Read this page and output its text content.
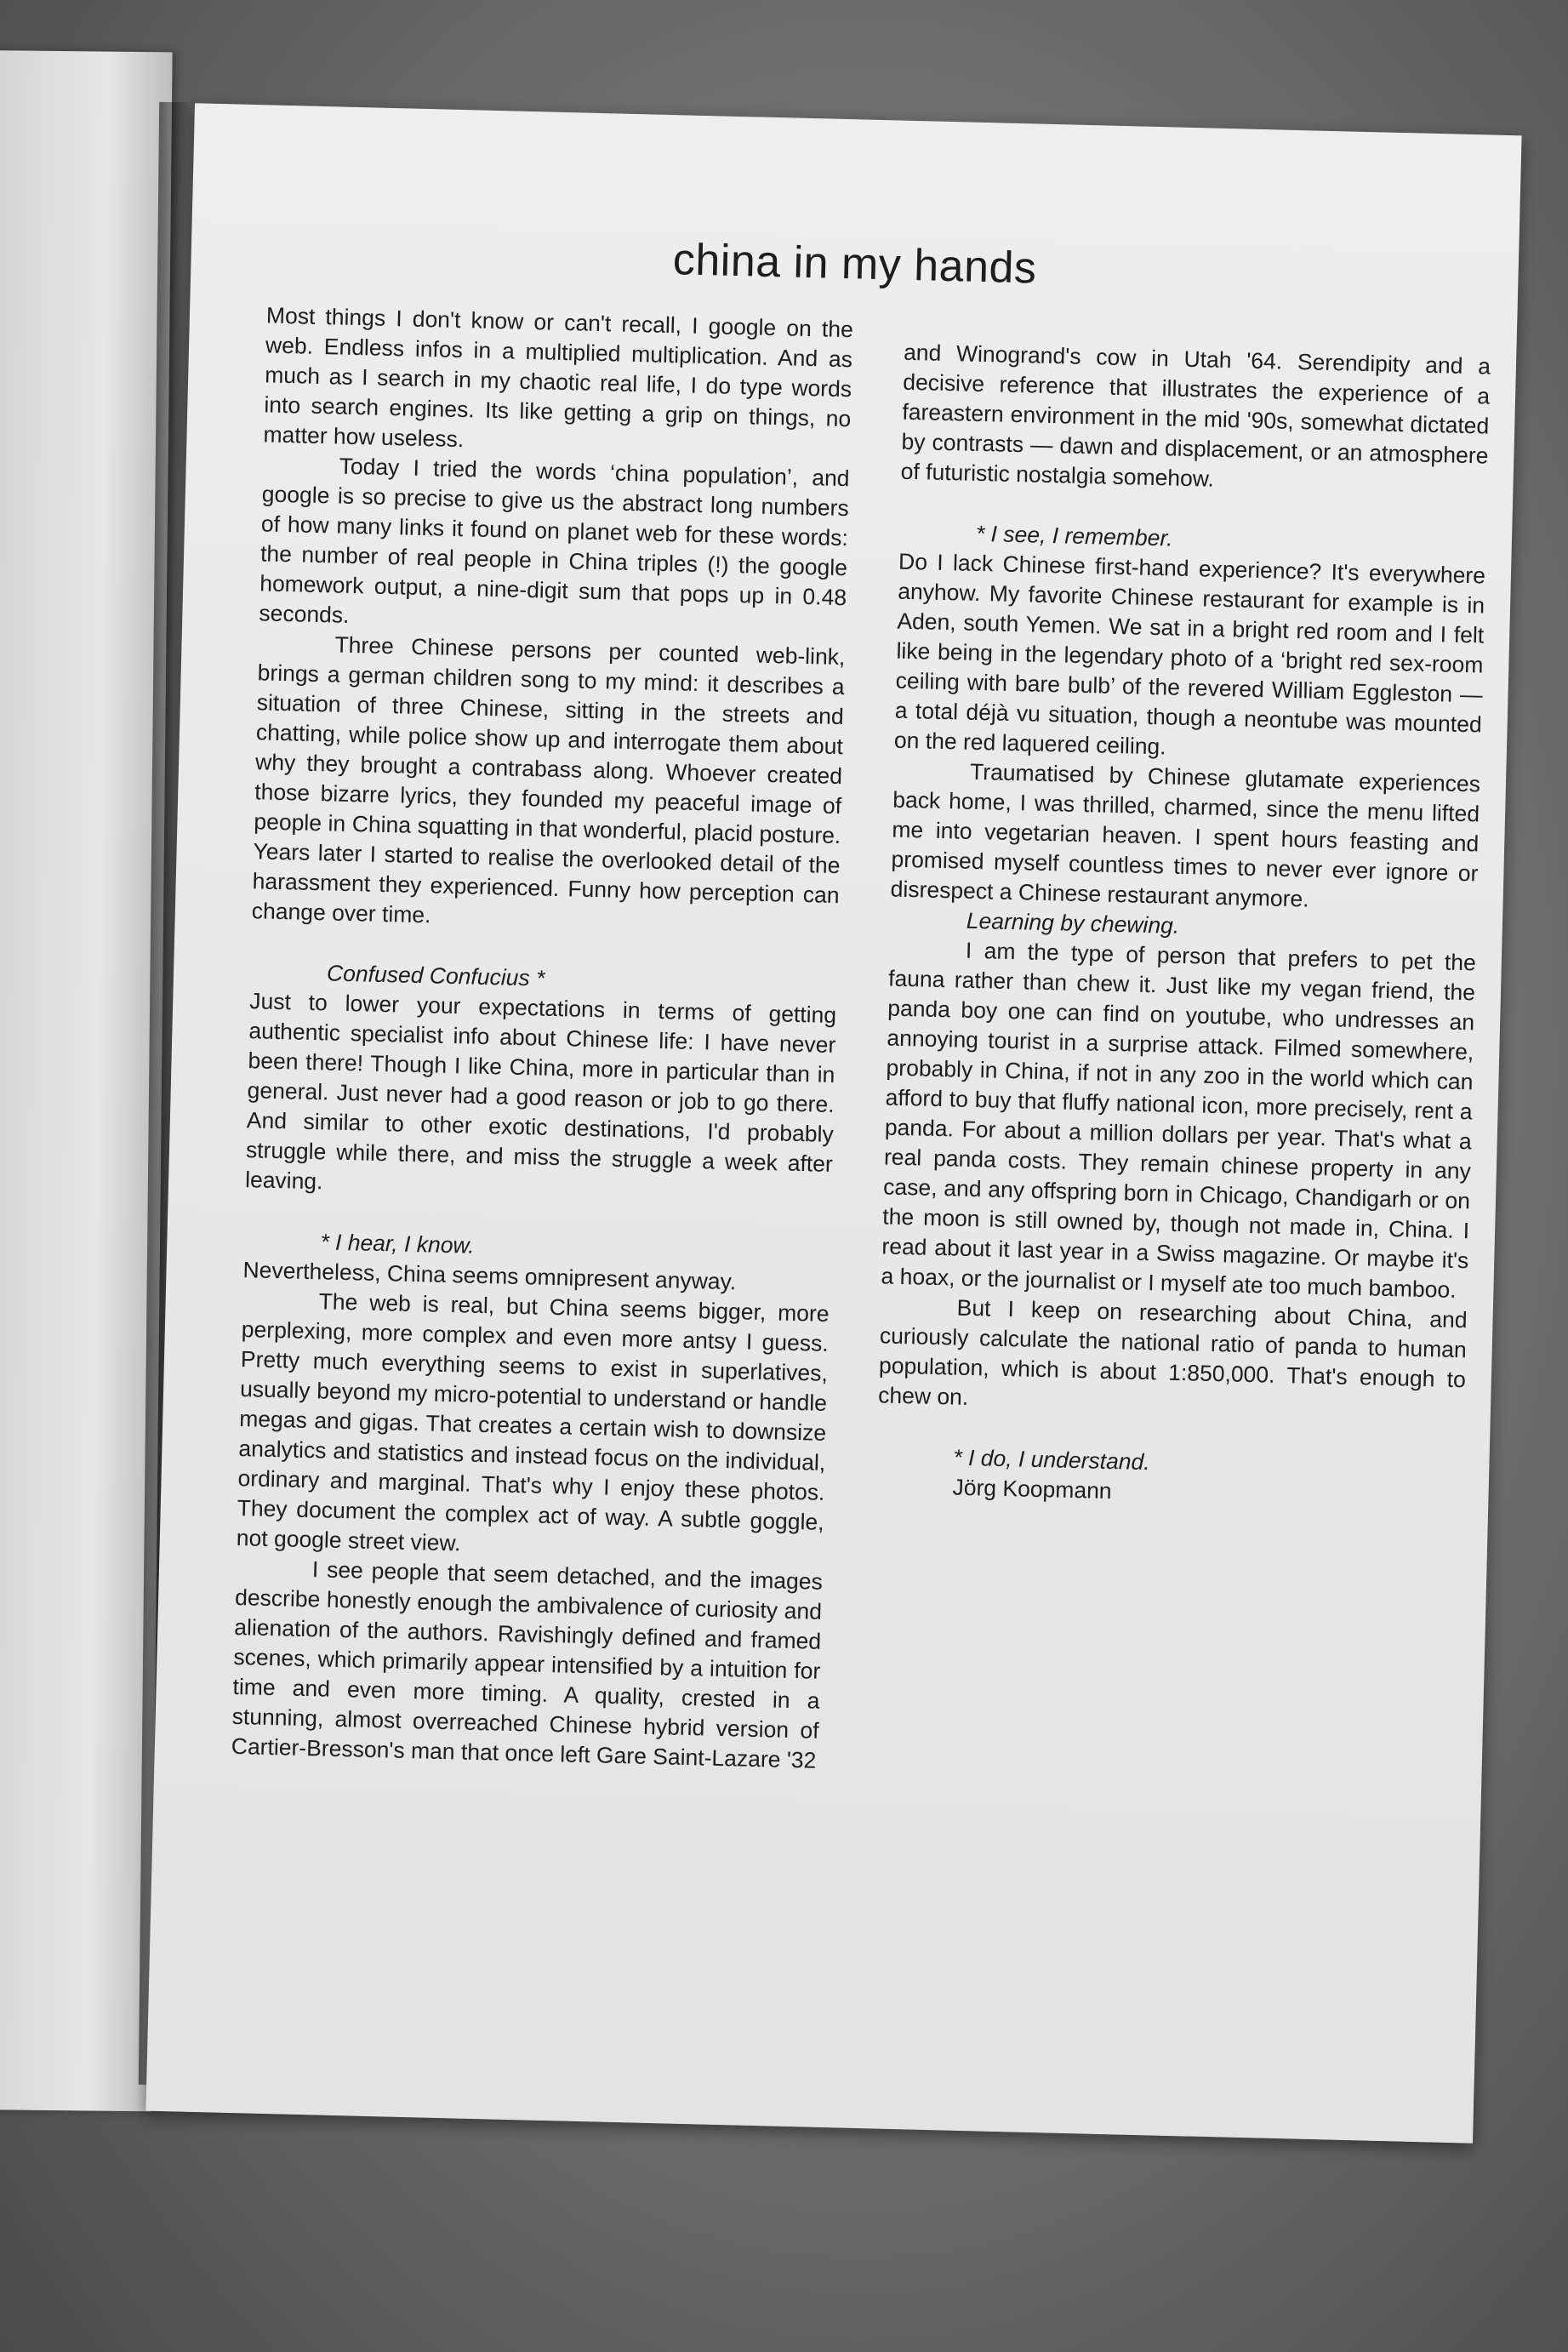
china in my hands

Most things I don't know or can't recall, I google on the web. Endless infos in a multiplied multiplication. And as much as I search in my chaotic real life, I do type words into search engines. Its like getting a grip on things, no matter how useless.

Today I tried the words ‘china population’, and google is so precise to give us the abstract long numbers of how many links it found on planet web for these words: the number of real people in China triples (!) the google homework output, a nine-digit sum that pops up in 0.48 seconds.

Three Chinese persons per counted web-link, brings a german children song to my mind: it describes a situation of three Chinese, sitting in the streets and chatting, while police show up and interrogate them about why they brought a contrabass along. Whoever created those bizarre lyrics, they founded my peaceful image of people in China squatting in that wonderful, placid posture. Years later I started to realise the overlooked detail of the harassment they experienced. Funny how perception can change over time.

Confused Confucius *

Just to lower your expectations in terms of getting authentic specialist info about Chinese life: I have never been there! Though I like China, more in particular than in general. Just never had a good reason or job to go there. And similar to other exotic destinations, I'd probably struggle while there, and miss the struggle a week after leaving.

* I hear, I know.

Nevertheless, China seems omnipresent anyway.

The web is real, but China seems bigger, more perplexing, more complex and even more antsy I guess. Pretty much everything seems to exist in superlatives, usually beyond my micro-potential to understand or handle megas and gigas. That creates a certain wish to downsize analytics and statistics and instead focus on the individual, ordinary and marginal. That's why I enjoy these photos. They document the complex act of way. A subtle goggle, not google street view.

I see people that seem detached, and the images describe honestly enough the ambivalence of curiosity and alienation of the authors. Ravishingly defined and framed scenes, which primarily appear intensified by a intuition for time and even more timing. A quality, crested in a stunning, almost overreached Chinese hybrid version of Cartier-Bresson's man that once left Gare Saint-Lazare '32

and Winogrand's cow in Utah '64. Serendipity and a decisive reference that illustrates the experience of a fareastern environment in the mid '90s, somewhat dictated by contrasts — dawn and displacement, or an atmosphere of futuristic nostalgia somehow.

* I see, I remember.

Do I lack Chinese first-hand experience? It's everywhere anyhow. My favorite Chinese restaurant for example is in Aden, south Yemen. We sat in a bright red room and I felt like being in the legendary photo of a ‘bright red sex-room ceiling with bare bulb’ of the revered William Eggleston — a total déjà vu situation, though a neontube was mounted on the red laquered ceiling.

Traumatised by Chinese glutamate experiences back home, I was thrilled, charmed, since the menu lifted me into vegetarian heaven. I spent hours feasting and promised myself countless times to never ever ignore or disrespect a Chinese restaurant anymore.

Learning by chewing.

I am the type of person that prefers to pet the fauna rather than chew it. Just like my vegan friend, the panda boy one can find on youtube, who undresses an annoying tourist in a surprise attack. Filmed somewhere, probably in China, if not in any zoo in the world which can afford to buy that fluffy national icon, more precisely, rent a panda. For about a million dollars per year. That's what a real panda costs. They remain chinese property in any case, and any offspring born in Chicago, Chandigarh or on the moon is still owned by, though not made in, China. I read about it last year in a Swiss magazine. Or maybe it's a hoax, or the journalist or I myself ate too much bamboo.

But I keep on researching about China, and curiously calculate the national ratio of panda to human population, which is about 1:850,000. That's enough to chew on.

* I do, I understand.

Jörg Koopmann
